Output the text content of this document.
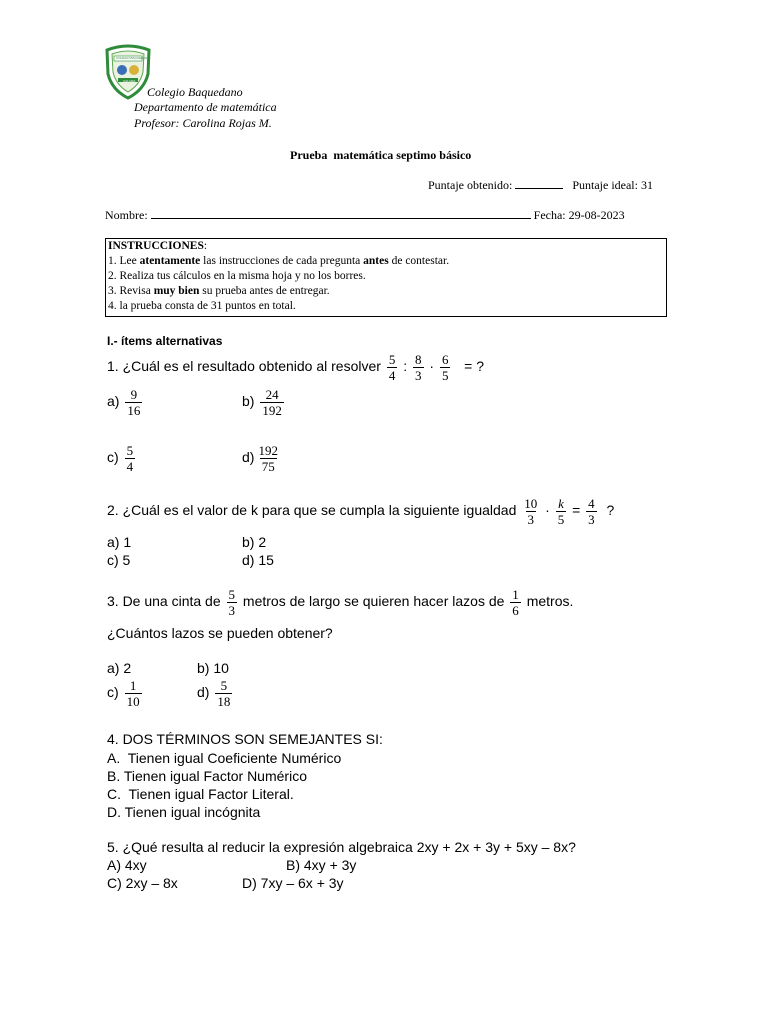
COLEGIO BAQUEDANO
CALAMA
Colegio Baquedano
Departamento de matemática
Profesor: Carolina Rojas M.
Prueba  matemática septimo básico
Puntaje obtenido:	Puntaje ideal: 31
Nombre:	Fecha: 29-08-2023
INSTRUCCIONES:
1. Lee atentamente las instrucciones de cada pregunta antes de contestar.
2. Realiza tus cálculos en la misma hoja y no los borres.
3. Revisa muy bien su prueba antes de entregar.
4. la prueba consta de 31 puntos en total.
I.- ítems alternativas
1. ¿Cuál es el resultado obtenido al resolver $\frac{5}{4}$ : $\frac{8}{3} \cdot \frac{6}{5}$ = ?
$a) \frac{9}{16}$	$b) \frac{24}{192}$
$c) \frac{5}{4}$	$d) \frac{192}{75}$
2. ¿Cuál es el valor de k para que se cumpla la siguiente igualdad $\frac{10}{3} \cdot \frac{k}{5} = \frac{4}{3}$ ?
a) 1	b) 2
c) 5	d) 15
3. De una cinta de $\frac{5}{3}$ metros de largo se quieren hacer lazos de $\frac{1}{6}$ metros.
¿Cuántos lazos se pueden obtener?
a) 2	b) 10
$c) \frac{1}{10}$	$d) \frac{5}{18}$
4. DOS TÉRMINOS SON SEMEJANTES SI:
A.  Tienen igual Coeficiente Numérico
B. Tienen igual Factor Numérico
C.  Tienen igual Factor Literal.
D. Tienen igual incógnita
5. ¿Qué resulta al reducir la expresión algebraica 2xy + 2x + 3y + 5xy – 8x?
A) 4xy	B) 4xy + 3y
C) 2xy – 8x	D) 7xy – 6x + 3y
